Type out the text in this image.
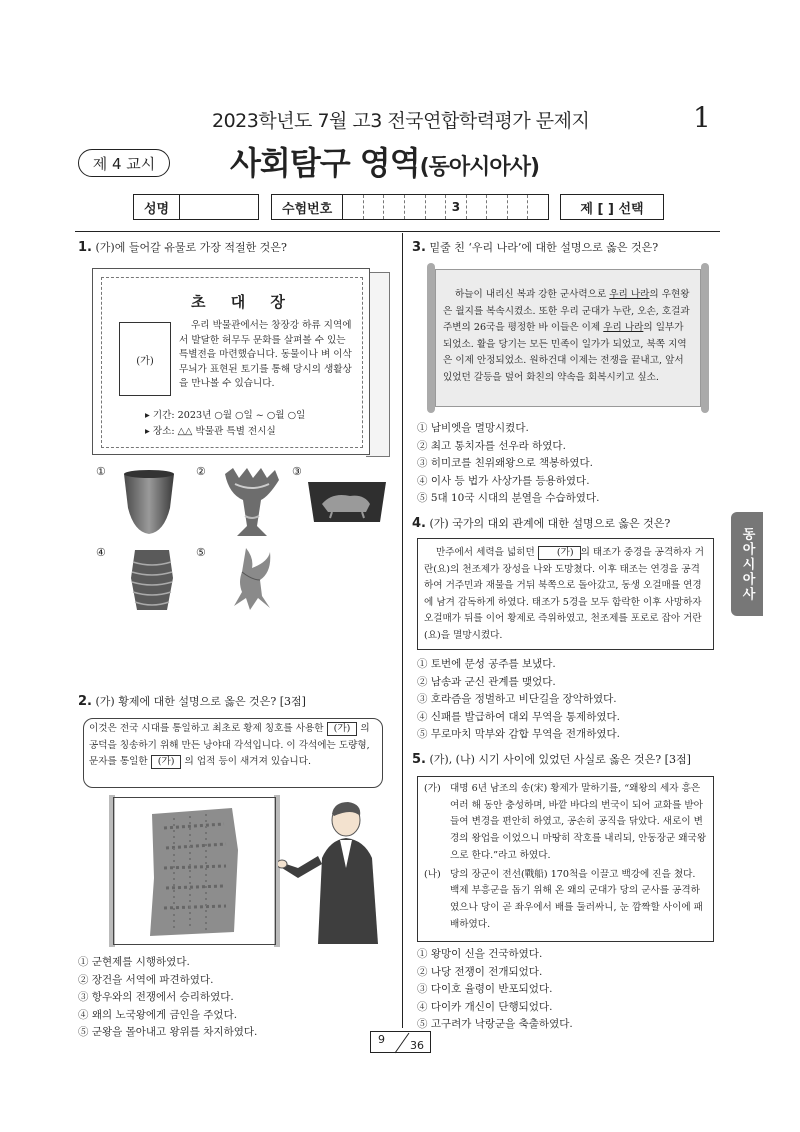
2023학년도 7월 고3 전국연합학력평가 문제지	1
제 4 교시	사회탐구 영역(동아시아사)
성명	수험번호	3	제 [ ] 선택
1. (가)에 들어갈 유물로 가장 적절한 것은?
초 대 장
(가)
우리 박물관에서는 창장강 하류 지역에서 발달한 허무두 문화를 살펴볼 수 있는 특별전을 마련했습니다. 동물이나 벼 이삭 무늬가 표현된 토기를 통해 당시의 생활상을 만나볼 수 있습니다.
▸ 기간: 2023년 ○월 ○일 ~ ○월 ○일
▸ 장소: △△ 박물관 특별 전시실
①	②	③
④	⑤
2. (가) 황제에 대한 설명으로 옳은 것은? [3점]
이것은 전국 시대를 통일하고 최초로 황제 칭호를 사용한 (가) 의 공덕을 칭송하기 위해 만든 낭야대 각석입니다. 이 각석에는 도량형, 문자를 통일한 (가) 의 업적 등이 새겨져 있습니다.
① 군현제를 시행하였다.
② 장건을 서역에 파견하였다.
③ 항우와의 전쟁에서 승리하였다.
④ 왜의 노국왕에게 금인을 주었다.
⑤ 군왕을 몰아내고 왕위를 차지하였다.
3. 밑줄 친 ‘우리 나라’에 대한 설명으로 옳은 것은?
하늘이 내리신 복과 강한 군사력으로 우리 나라의 우현왕은 월지를 복속시켰소. 또한 우리 군대가 누란, 오손, 호걸과 주변의 26국을 평정한 바 이들은 이제 우리 나라의 일부가 되었소. 활을 당기는 모든 민족이 일가가 되었고, 북쪽 지역은 이제 안정되었소. 원하건대 이제는 전쟁을 끝내고, 앞서 있었던 갈등을 덮어 화친의 약속을 회복시키고 싶소.
① 남비엣을 멸망시켰다.
② 최고 통치자를 선우라 하였다.
③ 히미코를 친위왜왕으로 책봉하였다.
④ 이사 등 법가 사상가를 등용하였다.
⑤ 5대 10국 시대의 분열을 수습하였다.
4. (가) 국가의 대외 관계에 대한 설명으로 옳은 것은?
만주에서 세력을 넓히던 (가) 의 태조가 중경을 공격하자 거란(요)의 천조제가 장성을 나와 도망쳤다. 이후 태조는 연경을 공격하여 거주민과 재물을 거뒤 북쪽으로 돌아갔고, 동생 오걸매를 연경에 남겨 감독하게 하였다. 태조가 5경을 모두 함락한 이후 사망하자 오걸매가 뒤를 이어 황제로 즉위하였고, 천조제를 포로로 잡아 거란(요)을 멸망시켰다.
① 토번에 문성 공주를 보냈다.
② 남송과 군신 관계를 맺었다.
③ 호라즘을 정벌하고 비단길을 장악하였다.
④ 신패를 발급하여 대외 무역을 통제하였다.
⑤ 무로마치 막부와 감합 무역을 전개하였다.
5. (가), (나) 시기 사이에 있었던 사실로 옳은 것은? [3점]
(가) 대명 6년 남조의 송(宋) 황제가 말하기를, “왜왕의 세자 흥은 여러 해 동안 충성하며, 바깥 바다의 번국이 되어 교화를 받아들여 변경을 편안히 하였고, 공손히 공직을 닦았다. 새로이 변경의 왕업을 이었으니 마땅히 작호를 내리되, 안동장군 왜국왕으로 한다.”라고 하였다.
(나) 당의 장군이 전선(戰船) 170척을 이끌고 백강에 진을 쳤다. 백제 부흥군을 돕기 위해 온 왜의 군대가 당의 군사를 공격하였으나 당이 곧 좌우에서 배를 둘러싸니, 눈 깜짝할 사이에 패배하였다.
① 왕망이 신을 건국하였다.
② 나당 전쟁이 전개되었다.
③ 다이호 율령이 반포되었다.
④ 다이카 개신이 단행되었다.
⑤ 고구려가 낙랑군을 축출하였다.
동아시아사
9 36
